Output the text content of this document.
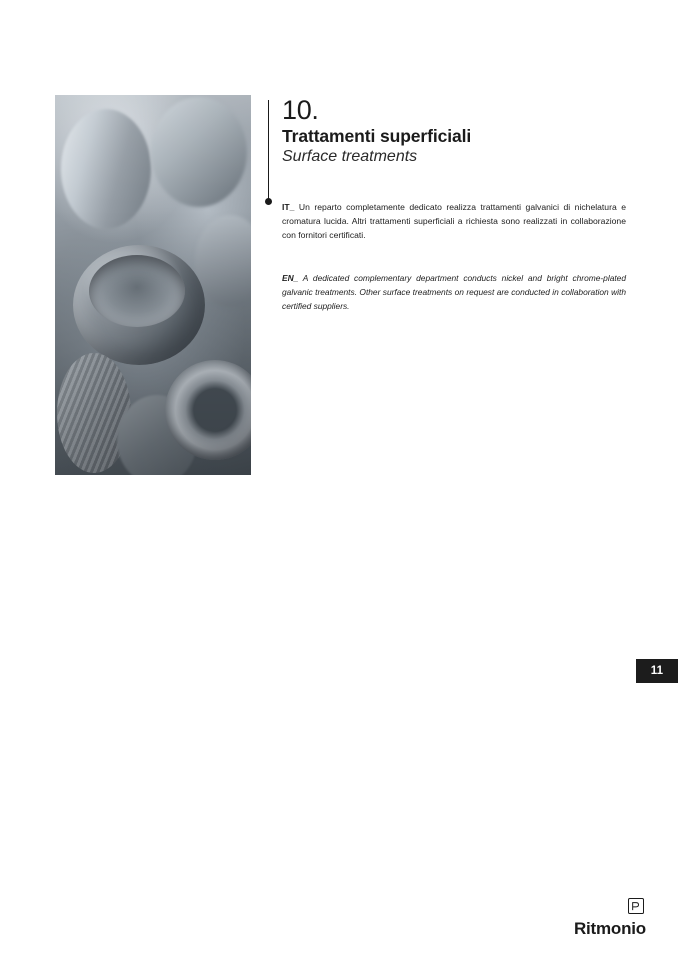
10.
Trattamenti superficiali
Surface treatments

IT_ Un reparto completamente dedicato realizza trattamenti galvanici di nichelatura e cromatura lucida. Altri trattamenti superficiali a richiesta sono realizzati in collaborazione con fornitori certificati.

EN_ A dedicated complementary department conducts nickel and bright chrome-plated galvanic treatments. Other surface treatments on request are conducted in collaboration with certified suppliers.

11
Ritmonio
